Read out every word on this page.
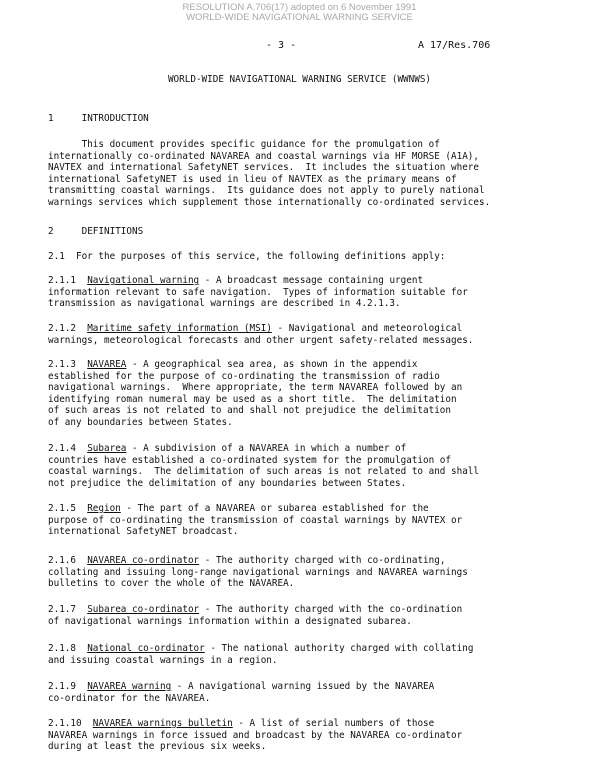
RESOLUTION A.706(17) adopted on 6 November 1991
WORLD-WIDE NAVIGATIONAL WARNING SERVICE
- 3 -	A 17/Res.706
WORLD-WIDE NAVIGATIONAL WARNING SERVICE (WWNWS)
1	INTRODUCTION
This document provides specific guidance for the promulgation of
internationally co-ordinated NAVAREA and coastal warnings via HF MORSE (A1A),
NAVTEX and international SafetyNET services.  It includes the situation where
international SafetyNET is used in lieu of NAVTEX as the primary means of
transmitting coastal warnings.  Its guidance does not apply to purely national
warnings services which supplement those internationally co-ordinated services.
2	DEFINITIONS
2.1  For the purposes of this service, the following definitions apply:
2.1.1 Navigational warning - A broadcast message containing urgent
information relevant to safe navigation.  Types of information suitable for
transmission as navigational warnings are described in 4.2.1.3.
2.1.2 Maritime safety information (MSI) - Navigational and meteorological
warnings, meteorological forecasts and other urgent safety-related messages.
2.1.3 NAVAREA - A geographical sea area, as shown in the appendix
established for the purpose of co-ordinating the transmission of radio
navigational warnings.  Where appropriate, the term NAVAREA followed by an
identifying roman numeral may be used as a short title.  The delimitation
of such areas is not related to and shall not prejudice the delimitation
of any boundaries between States.
2.1.4 Subarea - A subdivision of a NAVAREA in which a number of
countries have established a co-ordinated system for the promulgation of
coastal warnings.  The delimitation of such areas is not related to and shall
not prejudice the delimitation of any boundaries between States.
2.1.5 Region - The part of a NAVAREA or subarea established for the
purpose of co-ordinating the transmission of coastal warnings by NAVTEX or
international SafetyNET broadcast.
2.1.6 NAVAREA co-ordinator - The authority charged with co-ordinating,
collating and issuing long-range navigational warnings and NAVAREA warnings
bulletins to cover the whole of the NAVAREA.
2.1.7 Subarea co-ordinator - The authority charged with the co-ordination
of navigational warnings information within a designated subarea.
2.1.8 National co-ordinator - The national authority charged with collating
and issuing coastal warnings in a region.
2.1.9 NAVAREA warning - A navigational warning issued by the NAVAREA
co-ordinator for the NAVAREA.
2.1.10 NAVAREA warnings bulletin - A list of serial numbers of those
NAVAREA warnings in force issued and broadcast by the NAVAREA co-ordinator
during at least the previous six weeks.
